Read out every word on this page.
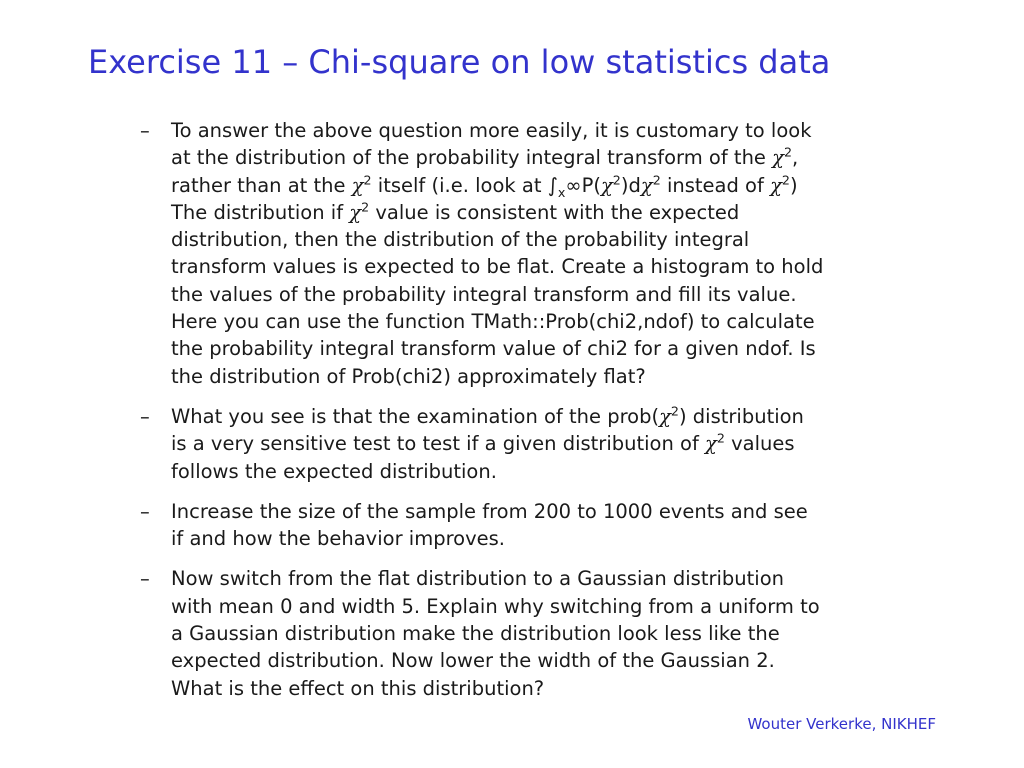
Exercise 11 – Chi-square on low statistics data
– To answer the above question more easily, it is customary to look
at the distribution of the probability integral transform of the $\chi^2$,
rather than at the $\chi^2$ itself (i.e. look at $\int_x\infty P(\chi^2)d\chi^2$ instead of $\chi^2$)
The distribution if $\chi^2$ value is consistent with the expected
distribution, then the distribution of the probability integral
transform values is expected to be flat. Create a histogram to hold
the values of the probability integral transform and fill its value.
Here you can use the function TMath::Prob(chi2,ndof) to calculate
the probability integral transform value of chi2 for a given ndof. Is
the distribution of Prob(chi2) approximately flat?
– What you see is that the examination of the $prob(\chi^2)$ distribution
is a very sensitive test to test if a given distribution of $\chi^2$ values
follows the expected distribution.
– Increase the size of the sample from 200 to 1000 events and see
if and how the behavior improves.
– Now switch from the flat distribution to a Gaussian distribution
with mean 0 and width 5. Explain why switching from a uniform to
a Gaussian distribution make the distribution look less like the
expected distribution. Now lower the width of the Gaussian 2.
What is the effect on this distribution?
Wouter Verkerke, NIKHEF
